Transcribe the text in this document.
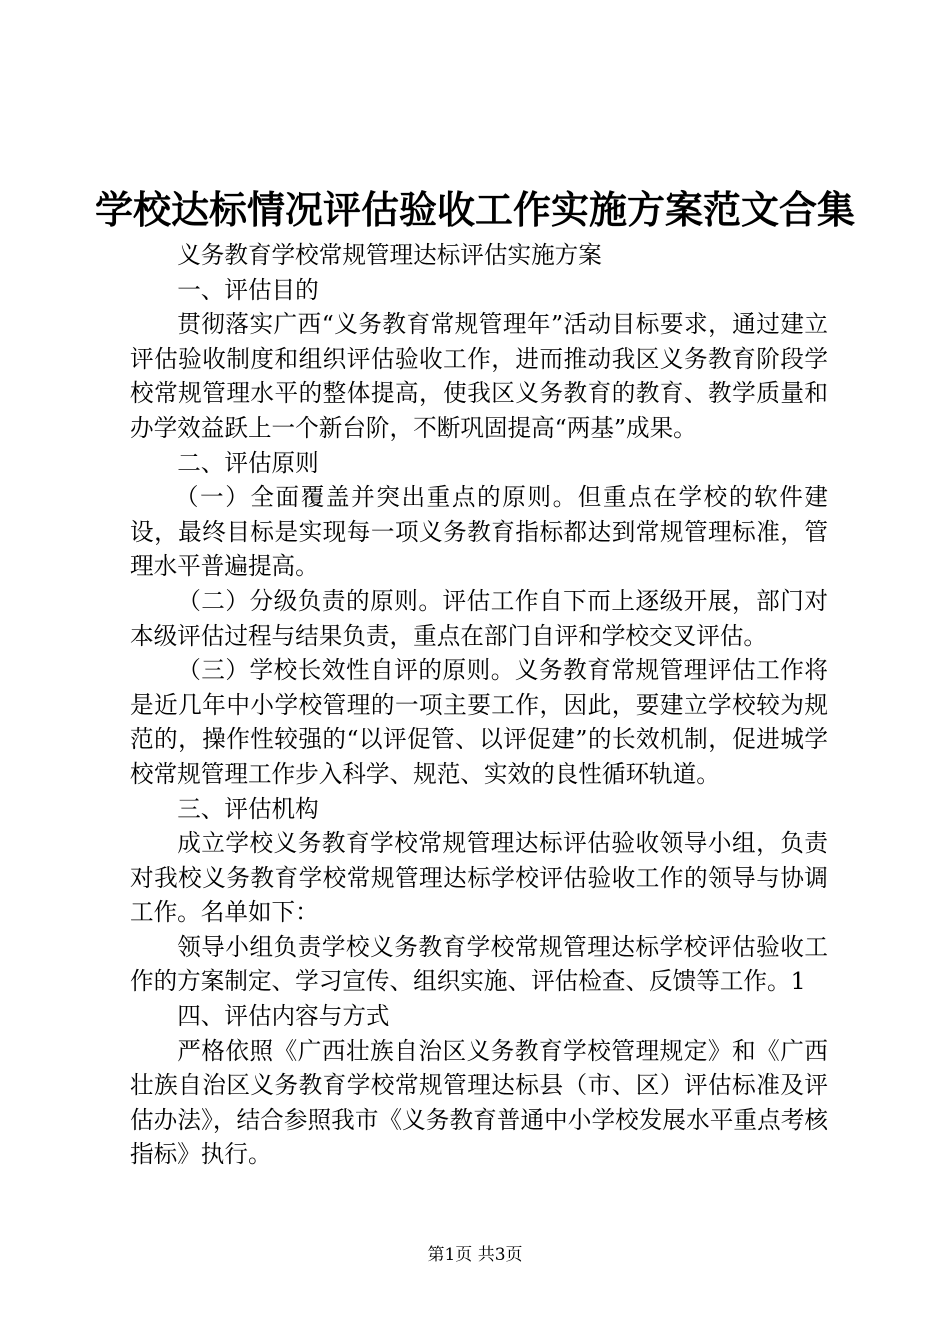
学校达标情况评估验收工作实施方案范文合集

义务教育学校常规管理达标评估实施方案

一、评估目的

贯彻落实广西“义务教育常规管理年”活动目标要求，通过建立评估验收制度和组织评估验收工作，进而推动我区义务教育阶段学校常规管理水平的整体提高，使我区义务教育的教育、教学质量和办学效益跃上一个新台阶，不断巩固提高“两基”成果。

二、评估原则

（一）全面覆盖并突出重点的原则。但重点在学校的软件建设，最终目标是实现每一项义务教育指标都达到常规管理标准，管理水平普遍提高。

（二）分级负责的原则。评估工作自下而上逐级开展，部门对本级评估过程与结果负责，重点在部门自评和学校交叉评估。

（三）学校长效性自评的原则。义务教育常规管理评估工作将是近几年中小学校管理的一项主要工作，因此，要建立学校较为规范的，操作性较强的“以评促管、以评促建”的长效机制，促进城学校常规管理工作步入科学、规范、实效的良性循环轨道。

三、评估机构

成立学校义务教育学校常规管理达标评估验收领导小组，负责对我校义务教育学校常规管理达标学校评估验收工作的领导与协调工作。名单如下：

领导小组负责学校义务教育学校常规管理达标学校评估验收工作的方案制定、学习宣传、组织实施、评估检查、反馈等工作。1

四、评估内容与方式

严格依照《广西壮族自治区义务教育学校管理规定》和《广西壮族自治区义务教育学校常规管理达标县（市、区）评估标准及评估办法》，结合参照我市《义务教育普通中小学校发展水平重点考核指标》执行。

第1页 共3页
